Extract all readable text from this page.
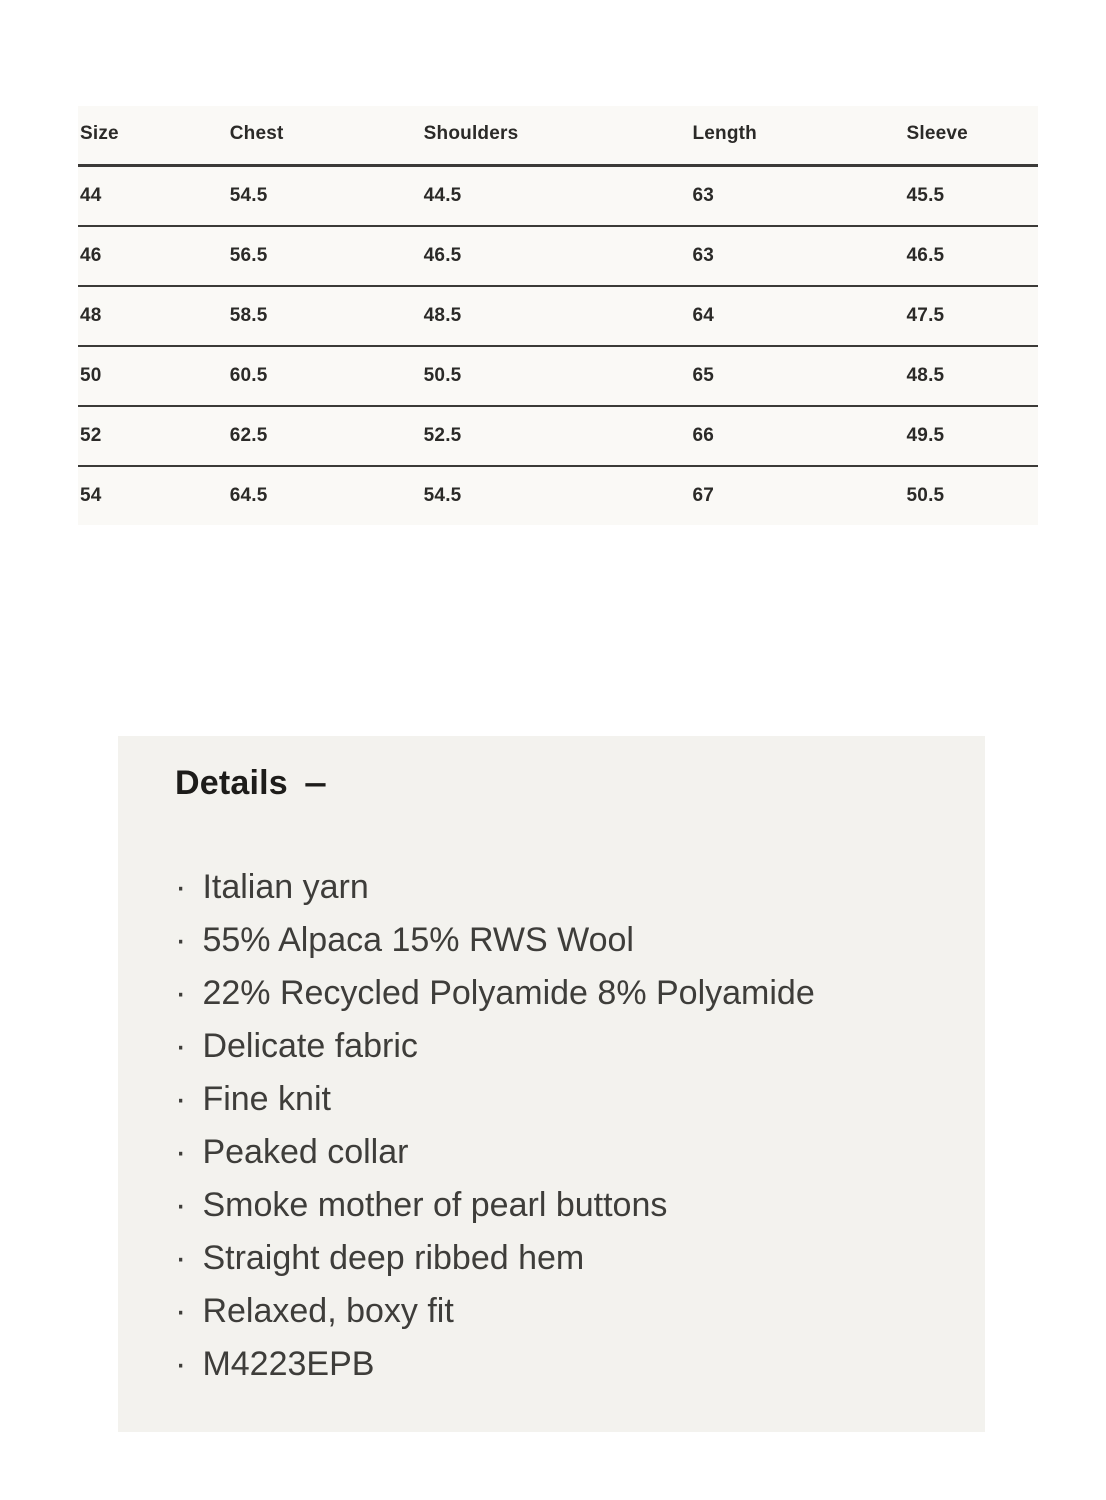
Size	Chest	Shoulders	Length	Sleeve
44	54.5	44.5	63	45.5
46	56.5	46.5	63	46.5
48	58.5	48.5	64	47.5
50	60.5	50.5	65	48.5
52	62.5	52.5	66	49.5
54	64.5	54.5	67	50.5
Details –
· Italian yarn
· 55% Alpaca 15% RWS Wool
· 22% Recycled Polyamide 8% Polyamide
· Delicate fabric
· Fine knit
· Peaked collar
· Smoke mother of pearl buttons
· Straight deep ribbed hem
· Relaxed, boxy fit
· M4223EPB
